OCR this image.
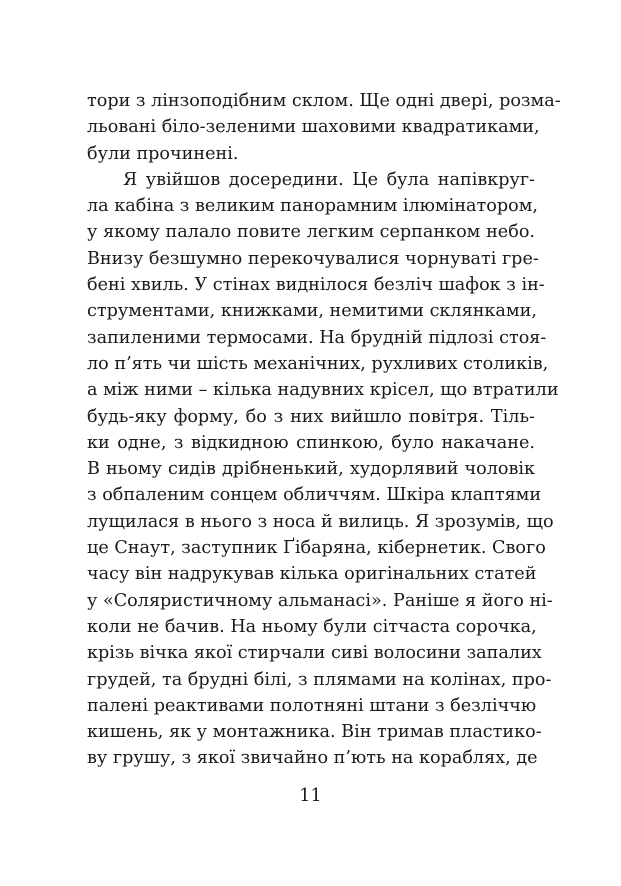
тори з лінзоподібним склом. Ще одні двері, розма-
льовані біло-зеленими шаховими квадратиками,
були прочинені.
Я увійшов досередини. Це була напівкруг-
ла кабіна з великим панорамним ілюмінатором,
у якому палало повите легким серпанком небо.
Внизу безшумно перекочувалися чорнуваті гре-
бені хвиль. У стінах виднілося безліч шафок з ін-
струментами, книжками, немитими склянками,
запиленими термосами. На брудній підлозі стоя-
ло п’ять чи шість механічних, рухливих столиків,
а між ними – кілька надувних крісел, що втратили
будь-яку форму, бо з них вийшло повітря. Тіль-
ки одне, з відкидною спинкою, було накачане.
В ньому сидів дрібненький, худорлявий чоловік
з обпаленим сонцем обличчям. Шкіра клаптями
лущилася в нього з носа й вилиць. Я зрозумів, що
це Снаут, заступник Ґібаряна, кібернетик. Свого
часу він надрукував кілька оригінальних статей
у «Соляристичному альманасі». Раніше я його ні-
коли не бачив. На ньому були сітчаста сорочка,
крізь вічка якої стирчали сиві волосини запалих
грудей, та брудні білі, з плямами на колінах, про-
палені реактивами полотняні штани з безліччю
кишень, як у монтажника. Він тримав пластико-
ву грушу, з якої звичайно п’ють на кораблях, де
11
